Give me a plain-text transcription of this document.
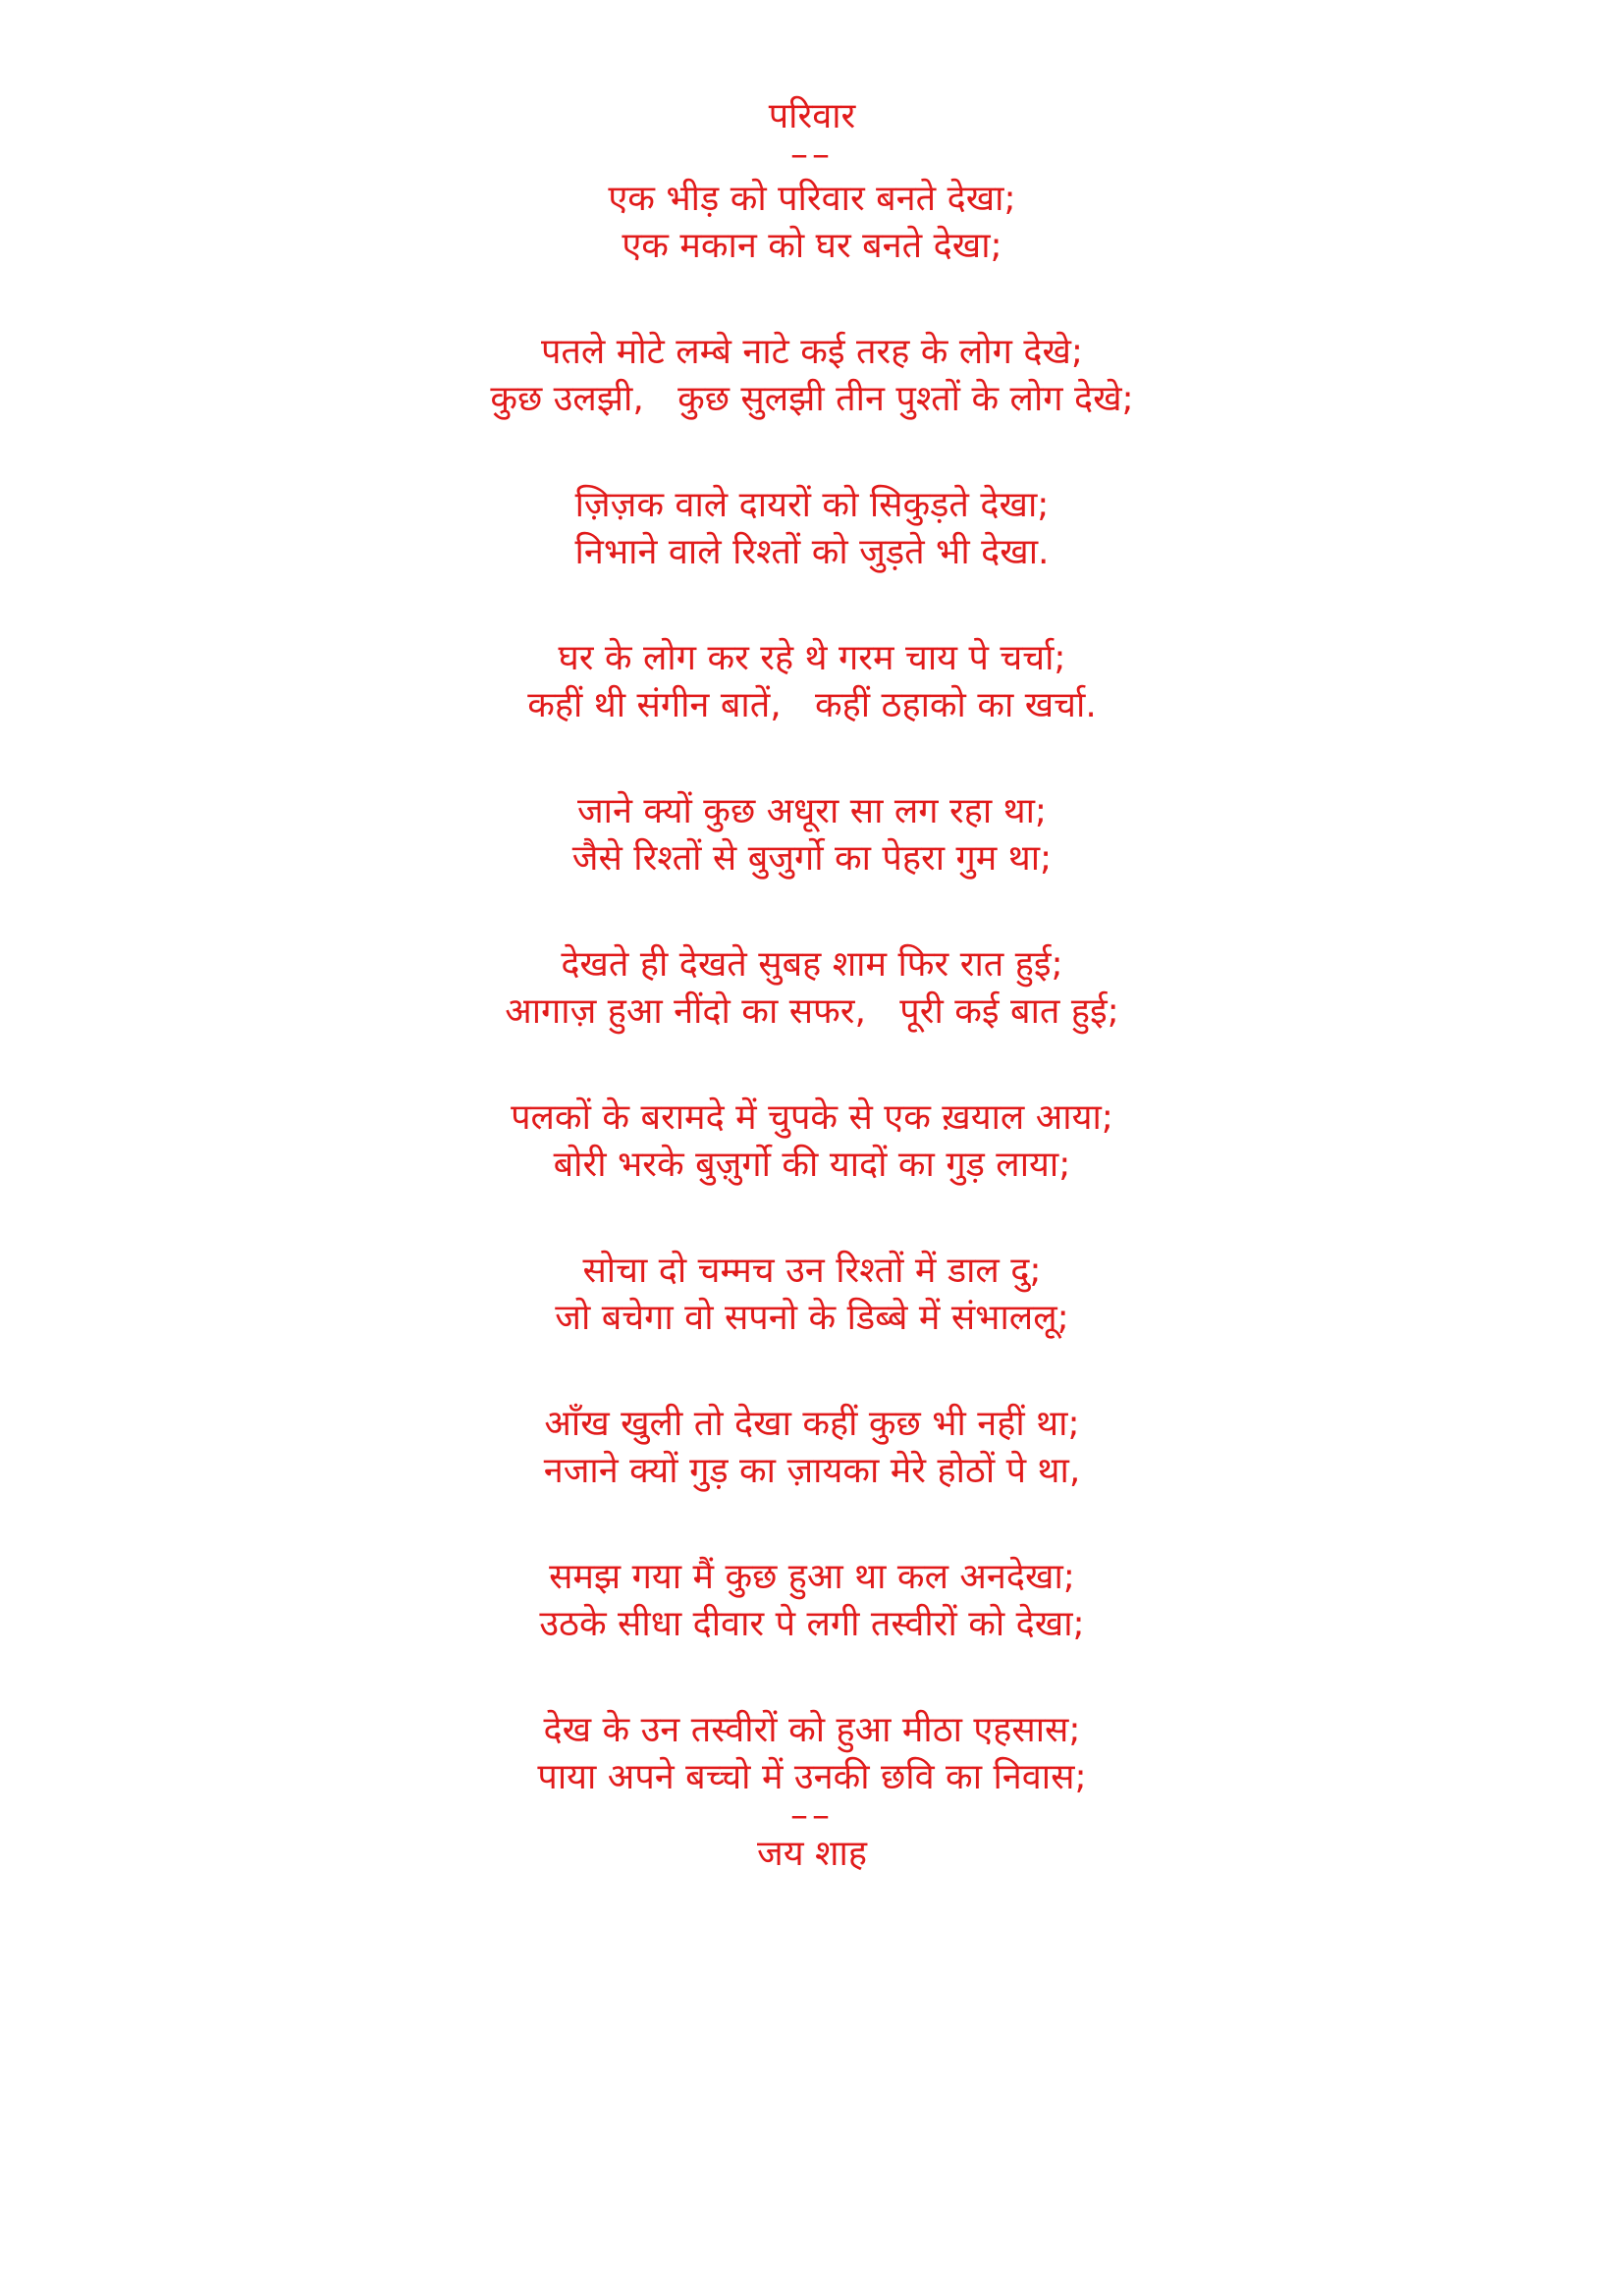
परिवार
––
एक भीड़ को परिवार बनते देखा;
एक मकान को घर बनते देखा;
पतले मोटे लम्बे नाटे कई तरह के लोग देखे;
कुछ उलझी,   कुछ सुलझी तीन पुश्तों के लोग देखे;
ज़िज़क वाले दायरों को सिकुड़ते देखा;
निभाने वाले रिश्तों को जुड़ते भी देखा.
घर के लोग कर रहे थे गरम चाय पे चर्चा;
कहीं थी संगीन बातें,   कहीं ठहाको का खर्चा.
जाने क्यों कुछ अधूरा सा लग रहा था;
जैसे रिश्तों से बुजुर्गो का पेहरा गुम था;
देखते ही देखते सुबह शाम फिर रात हुई;
आगाज़ हुआ नींदो का सफर,   पूरी कई बात हुई;
पलकों के बरामदे में चुपके से एक ख़याल आया;
बोरी भरके बुज़ुर्गो की यादों का गुड़ लाया;
सोचा दो चम्मच उन रिश्तों में डाल दु;
जो बचेगा वो सपनो के डिब्बे में संभाललू;
आँख खुली तो देखा कहीं कुछ भी नहीं था;
नजाने क्यों गुड़ का ज़ायका मेरे होठों पे था,
समझ गया मैं कुछ हुआ था कल अनदेखा;
उठके सीधा दीवार पे लगी तस्वीरों को देखा;
देख के उन तस्वीरों को हुआ मीठा एहसास;
पाया अपने बच्चो में उनकी छवि का निवास;
––
जय शाह
